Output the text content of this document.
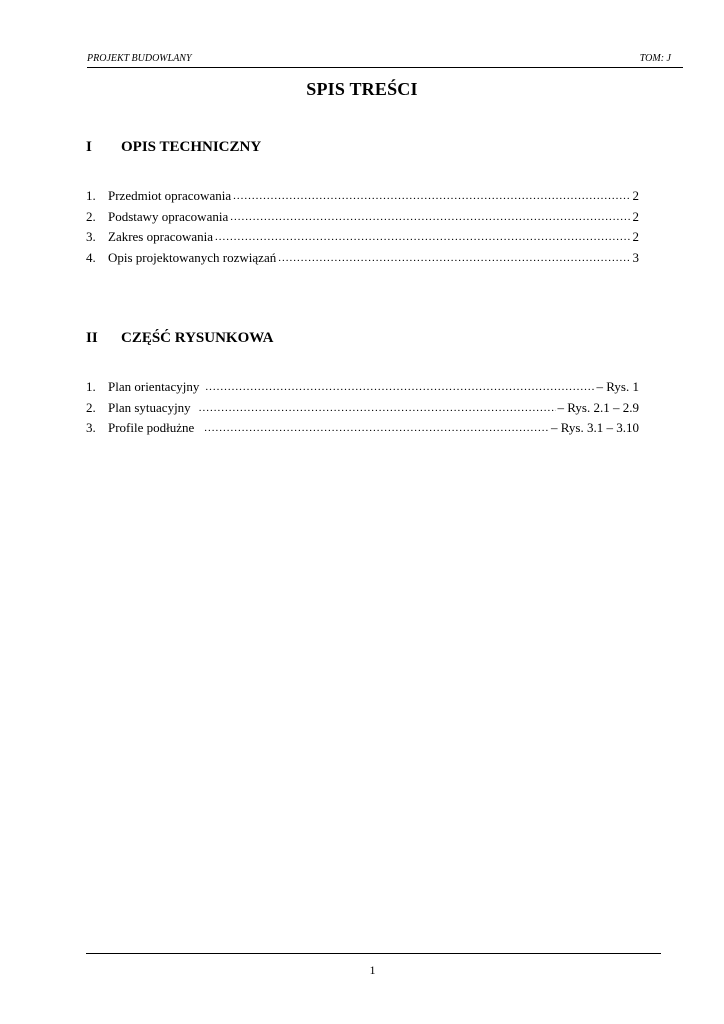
PROJEKT BUDOWLANY	TOM: J
SPIS TREŚCI
I OPIS TECHNICZNY
1. Przedmiot opracowania .....	2
2. Podstawy opracowania .....	2
3. Zakres opracowania .....	2
4. Opis projektowanych rozwiązań .....	3
II CZĘŚĆ RYSUNKOWA
1. Plan orientacyjny .....	– Rys. 1
2. Plan sytuacyjny .....	– Rys. 2.1 – 2.9
3. Profile podłużne .....	– Rys. 3.1 – 3.10
1
